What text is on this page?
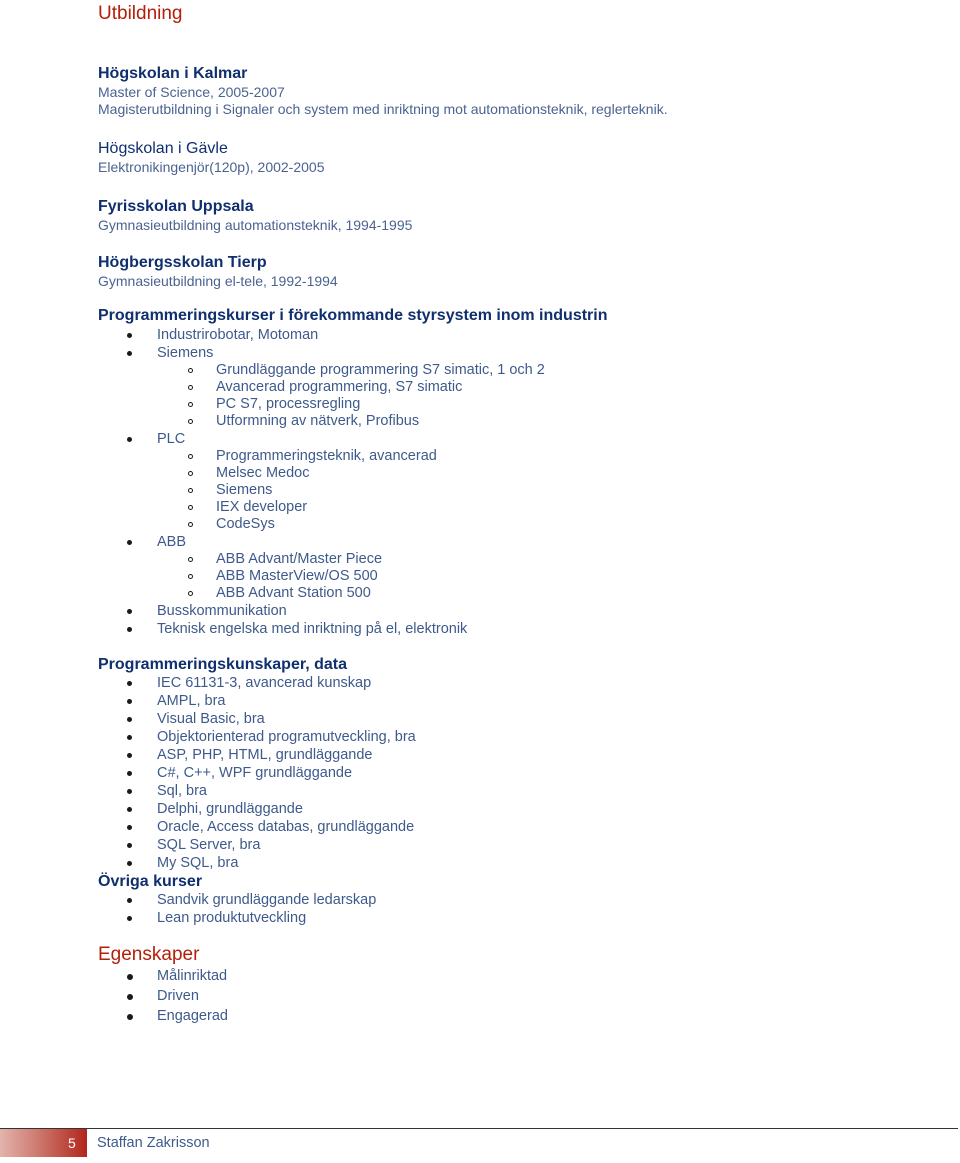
Utbildning
Högskolan i Kalmar
Master of Science, 2005-2007
Magisterutbildning i Signaler och system med inriktning mot automationsteknik, reglerteknik.
Högskolan i Gävle
Elektronikingenjör(120p), 2002-2005
Fyrisskolan Uppsala
Gymnasieutbildning automationsteknik, 1994-1995
Högbergsskolan Tierp
Gymnasieutbildning el-tele, 1992-1994
Programmeringskurser i förekommande styrsystem inom industrin
Industrirobotar, Motoman
Siemens
Grundläggande programmering S7 simatic, 1 och 2
Avancerad programmering, S7 simatic
PC S7, processregling
Utformning av nätverk, Profibus
PLC
Programmeringsteknik, avancerad
Melsec Medoc
Siemens
IEX developer
CodeSys
ABB
ABB Advant/Master Piece
ABB MasterView/OS 500
ABB Advant Station 500
Busskommunikation
Teknisk engelska med inriktning på el, elektronik
Programmeringskunskaper, data
IEC 61131-3, avancerad kunskap
AMPL, bra
Visual Basic, bra
Objektorienterad programutveckling, bra
ASP, PHP, HTML, grundläggande
C#, C++, WPF grundläggande
Sql, bra
Delphi, grundläggande
Oracle, Access databas, grundläggande
SQL Server, bra
My SQL, bra
Övriga kurser
Sandvik grundläggande ledarskap
Lean produktutveckling
Egenskaper
Målinriktad
Driven
Engagerad
5 Staffan Zakrisson
